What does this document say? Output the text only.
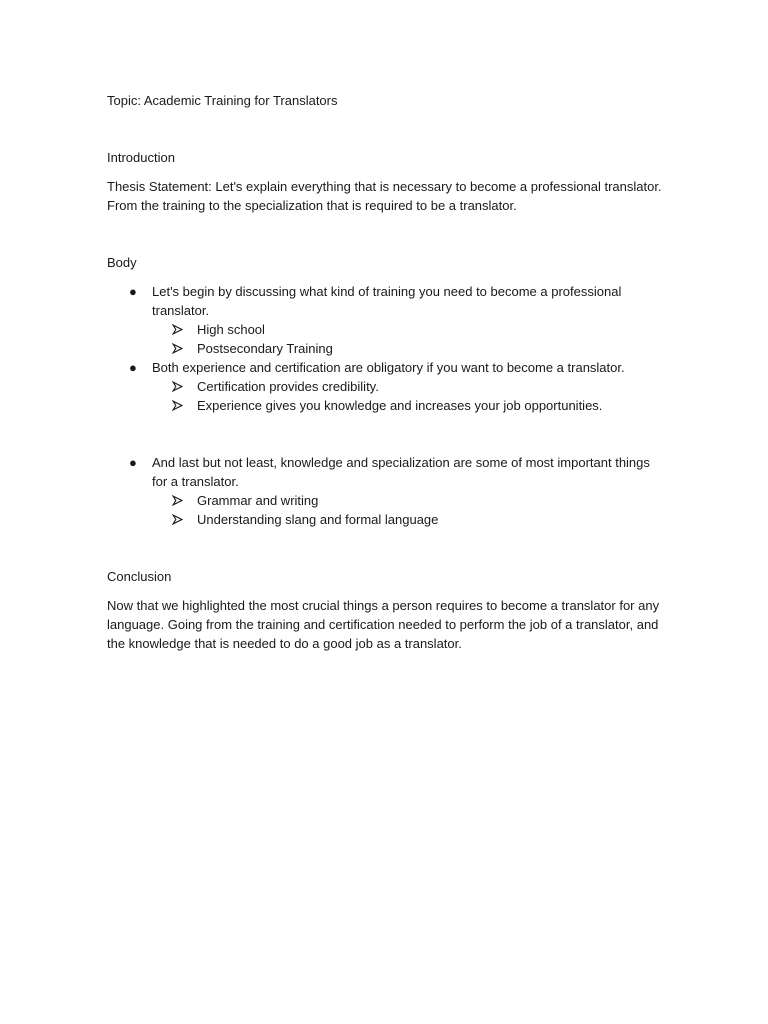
Topic: Academic Training for Translators

Introduction

Thesis Statement: Let's explain everything that is necessary to become a professional translator. From the training to the specialization that is required to be a translator.

Body

● Let's begin by discussing what kind of training you need to become a professional translator.
High school
Postsecondary Training
● Both experience and certification are obligatory if you want to become a translator.
Certification provides credibility.
Experience gives you knowledge and increases your job opportunities.
● And last but not least, knowledge and specialization are some of most important things for a translator.
Grammar and writing
Understanding slang and formal language

Conclusion

Now that we highlighted the most crucial things a person requires to become a translator for any language. Going from the training and certification needed to perform the job of a translator, and the knowledge that is needed to do a good job as a translator.
